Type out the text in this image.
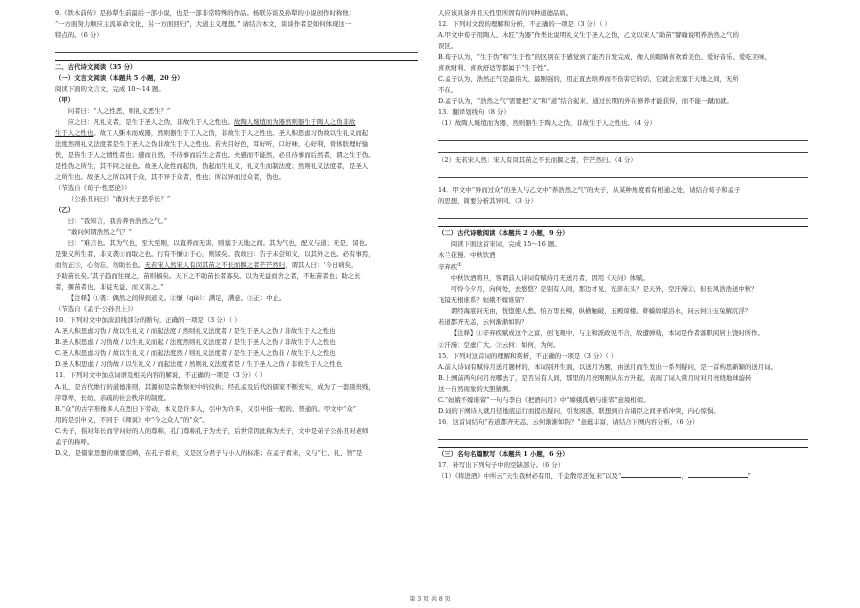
9.《铁木前传》是孙犁生前最后一部小说，也是一部非常特殊的作品。杨联芬谈及孙犁的小说创作时称他：

“一方面努力顺应主流革命文化，另一方面回归”，大道主义理想。” 请结合本文，谈谈作者是如何体现这一

特点的。（6 分）

二、古代诗文阅读（35 分）

（一）文言文阅读（本题共 5 小题，20 分）

阅读下面的文言文，完成 10～14 题。

（甲）

问者曰：“人之性恶，则礼义恶生？”

应之曰：凡礼义者，是生于圣人之伪，非故生于人之性也。故陶人埏埴而为器然则器生于陶人之伪非故

生于人之性也。故工人斲木而成器，然则器生于工人之伪，非故生于人之性也。圣人积思虑习伪故以生礼义而起

法度然则礼义法度者是生于圣人之伪非故生于人之性也。若夫目好色，耳好听，口好味，心好利，骨体肤理好愉

佚，是皆生于人之情性者也；感而自然，不待事而后生之者也。夫感而不能然，必且待事而后然者，谓之生于伪。

是性伪之所生，其不同之征也。故圣人化性而起伪，伪起而生礼义，礼义生而制法度；然则礼义法度者，是圣人

之所生也。故圣人之所以同于众，其不异于众者，性也；所以异而过众者，伪也。

（节选自《荀子·性恶论》）

（公孙丑问曰）“敢问夫子恶乎长？”

（乙）

曰：“我知言，我善养吾浩然之气。”

“敢问何谓浩然之气？”

曰：“难言也。其为气也，至大至刚，以直养而无害，则塞于天地之间。其为气也，配义与道；无是，馁也。

是集义所生者，非义袭①而取之也。行有不慊②于心，则馁矣。我故曰：告子未尝知义，以其外之也。必有事焉，

而勿正③，心勿忘，勿助长也。无若宋人然宋人有闵其苗之不长而揠之者芒芒然归，谓其人曰：‘今日病矣，

予助苗长矣。’其子趋而往视之，苗则槁矣。天下之不助苗长者寡矣。以为无益而舍之者，不耘苗者也；助之长

者，揠苗者也，非徒无益，而又害之。”

【注释】①袭：偶然之间得到道义。②慊（qiè）：满足，满意。③正：中止。

（节选自《孟子·公孙丑上》）

10．下列对文中加波浪线部分的断句，正确的一项是（3 分）（ ）

A.圣人积思虑习伪 / 故以生礼义 / 而起法度 / 然则礼义法度者 / 是生于圣人之伪 / 非故生于人之性也

B.圣人积思虑 / 习伪故 / 以生礼义而起 / 法度然则礼义法度者 / 是生于圣人之伪 / 非故生于人之性也

C.圣人积思虑习伪 / 故以生礼义 / 而起法度然 / 则礼义法度者 / 是生于圣人之伪非 / 故生于人之性也

D.圣人积思虑 / 习伪故 / 以生礼义 / 而起法度 / 然则礼义法度者是 / 生于圣人之伪 / 非故生于人之性也

11．下列对文中加点词语及相关内容的解说，不正确的一项是（3 分）（ ）

A.礼，是古代维行的道德准则，其源初是宗教祭祀中的仪轨；经孔孟及后代的儒家不断充实，成为了一套别贵贱，

序尊卑，长幼、亲疏的社会秩序的制度。

B.“众”的古字形像多人在烈日下劳动，本义是许多人，引申为许多，又引申指一般的、普通的。甲文中“众”

用的是引申义，不同于《师说》中“今之众人”的“众”。

C.夫子，指对年长而学问好的人的尊称，孔门尊称孔子为夫子，后世常因此称为夫子，文中是弟子公孙丑对老师

孟子的称呼。

D.义，是儒家思想的重要范畴，在孔子看来，义是区分君子与小人的标准；在孟子看来，义与“仁、礼、智”是

人应该具备并且天性里所固有的四种道德品质。

12．下列对文段的理解和分析，不正确的一项是（3 分）（ ）

A.甲文中荀子用陶人、木匠“为器”作类比说明礼义生于圣人之伪，乙文以宋人“助苗”譬喻说明养浩然之气的

误区。

B.荀子认为，“生于伪”和“生于性”的区别在于感觉到了能否自发完成，像人的眼睛喜欢看美色、爱好音乐、爱吃美味、

喜欢财利、喜欢舒适等都属于“生于性”。

C.孟子认为，浩然正气是最伟大、最刚强的，用正直去培养而不伤害它的话，它就会充塞于天地之间，无所

不在。

D.孟子认为，“浩然之气”需要把“义”和“道”结合起来，通过长期的外在修养才能获得，而不能一蹴而就。

13．翻译划线句（8 分）

（1）故陶人埏埴而为器，然则器生于陶人之伪，非故生于人之性也。（4 分）

（2）无若宋人然：宋人有闵其苗之不长而揠之者，芒芒然归。（4 分）

14．甲文中“异而过众”的圣人与乙文中“养浩然之气”的夫子，从某种角度看有相通之处，请结合荀子和孟子

的思想，简要分析其异同。（3 分）

（二）古代诗歌阅读（本题共 2 小题，9 分）

阅读下面这首宋词，完成 15～16 题。

木兰花慢．中秋饮酒

辛弃疾①

中秋饮酒将旦，客谓前人诗词有赋待月无送月者，因用《天问》体赋。

可怜今夕月，向何处，去悠悠？是别有人间，那边才见，光影东头？是天外，空汗漫②，但长风浩浩送中秋？

飞镜无根谁系？姮娥不嫁谁留？

谓经海底问无由，恍惚使人愁。怕万里长鲸，纵横触破，玉殿琼楼。虾蟆故堪浴水，问云何③玉兔解沉浮？

若道都齐无恙，云何渐渐如钩？

【注释】①辛弃疾赋成这个之富，创飞观中，与主和派政见不合，故遭弹劾，本词是作者落职闲居上饶时所作。

②汗漫：空虚广大。③云何：如何，为何。

15．下列对这首词的理解和赏析，不正确的一项是（3 分）（ ）

A.前人诗词有赋待月送月题材的，本词别开生面，以送月为题，由送月而生发出一系列疑问，是一首构思新颖的送月词。

B.上阕前两句问月亮哪去了，是否另有人间，那里的月亮刚刚从东方升起，表现了词人赏月时对月亮绕地球旋转

这一自然现象的大胆猜测。

C.“姮娥不嫁谁留”一句与李白《把酒问月》中“嫦娥孤栖与谁邻”意境相似。

D.词的下阕诗人就月径地底运行而提出疑问，引发困惑，联想到自古诸臣之间矛盾冲突，内心惊惧。

16．这首词结句“若道都齐无恙，云何渐渐如钩？”意蕴丰富，请结合下阕内容分析。（6 分）

（三）名句名篇默写（本题共 1 小题，6 分）

17．补写出下列句子中的空缺部分。（6 分）

（1）《将进酒》中所云“天生我材必有用，千金散尽还复来”以及“	，	”

第 3 页 共 8 页
